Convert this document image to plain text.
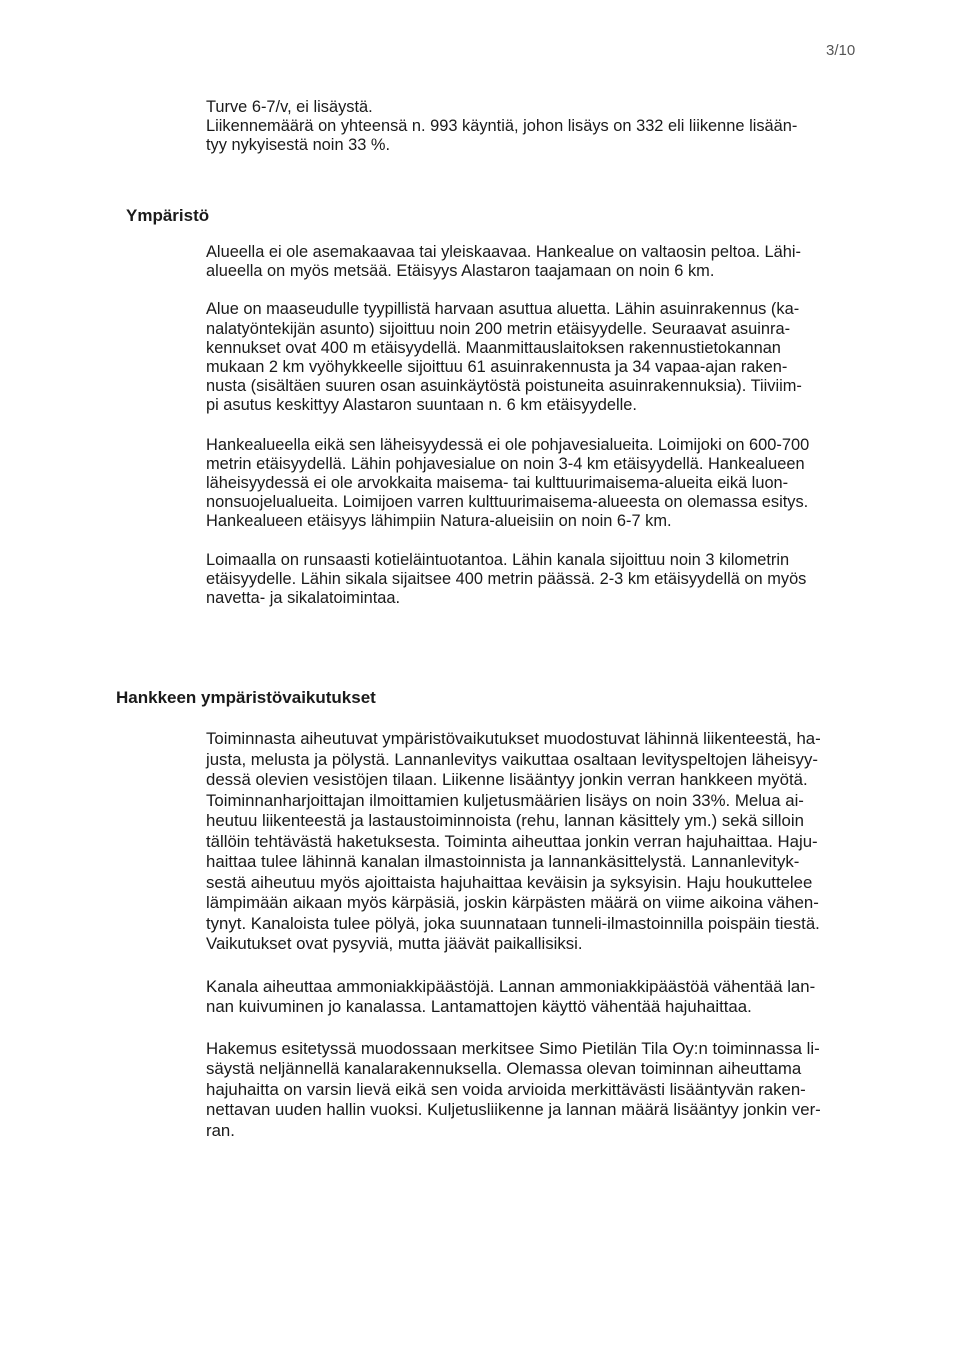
3/10

Turve 6-7/v, ei lisäystä.
Liikennemäärä on yhteensä n. 993 käyntiä, johon lisäys on 332 eli liikenne lisään-
tyy nykyisestä noin 33 %.

Ympäristö

Alueella ei ole asemakaavaa tai yleiskaavaa. Hankealue on valtaosin peltoa. Lähi-
alueella on myös metsää. Etäisyys Alastaron taajamaan on noin 6 km.

Alue on maaseudulle tyypillistä harvaan asuttua aluetta. Lähin asuinrakennus (ka-
nalatyöntekijän asunto) sijoittuu noin 200 metrin etäisyydelle. Seuraavat asuinra-
kennukset ovat 400 m etäisyydellä. Maanmittauslaitoksen rakennustietokannan
mukaan 2 km vyöhykkeelle sijoittuu 61 asuinrakennusta ja 34 vapaa-ajan raken-
nusta (sisältäen suuren osan asuinkäytöstä poistuneita asuinrakennuksia). Tiiviim-
pi asutus keskittyy Alastaron suuntaan n. 6 km etäisyydelle.

Hankealueella eikä sen läheisyydessä ei ole pohjavesialueita. Loimijoki on 600-700
metrin etäisyydellä. Lähin pohjavesialue on noin 3-4 km etäisyydellä. Hankealueen
läheisyydessä ei ole arvokkaita maisema- tai kulttuurimaisema-alueita eikä luon-
nonsuojelualueita. Loimijoen varren kulttuurimaisema-alueesta on olemassa esitys.
Hankealueen etäisyys lähimpiin Natura-alueisiin on noin 6-7 km.

Loimaalla on runsaasti kotieläintuotantoa. Lähin kanala sijoittuu noin 3 kilometrin
etäisyydelle. Lähin sikala sijaitsee 400 metrin päässä. 2-3 km etäisyydellä on myös
navetta- ja sikalatoimintaa.

Hankkeen ympäristövaikutukset

Toiminnasta aiheutuvat ympäristövaikutukset muodostuvat lähinnä liikenteestä, ha-
justa, melusta ja pölystä. Lannanlevitys vaikuttaa osaltaan levityspeltojen läheisyy-
dessä olevien vesistöjen tilaan. Liikenne lisääntyy jonkin verran hankkeen myötä.
Toiminnanharjoittajan ilmoittamien kuljetusmäärien lisäys on noin 33%. Melua ai-
heutuu liikenteestä ja lastaustoiminnoista (rehu, lannan käsittely ym.) sekä silloin
tällöin tehtävästä haketuksesta. Toiminta aiheuttaa jonkin verran hajuhaittaa. Haju-
haittaa tulee lähinnä kanalan ilmastoinnista ja lannankäsittelystä. Lannanlevityk-
sestä aiheutuu myös ajoittaista hajuhaittaa keväisin ja syksyisin. Haju houkuttelee
lämpimään aikaan myös kärpäsiä, joskin kärpästen määrä on viime aikoina vähen-
tynyt. Kanaloista tulee pölyä, joka suunnataan tunneli-ilmastoinnilla poispäin tiestä.
Vaikutukset ovat pysyviä, mutta jäävät paikallisiksi.

Kanala aiheuttaa ammoniakkipäästöjä. Lannan ammoniakkipäästöä vähentää lan-
nan kuivuminen jo kanalassa. Lantamattojen käyttö vähentää hajuhaittaa.

Hakemus esitetyssä muodossaan merkitsee Simo Pietilän Tila Oy:n toiminnassa li-
säystä neljännellä kanalarakennuksella. Olemassa olevan toiminnan aiheuttama
hajuhaitta on varsin lievä eikä sen voida arvioida merkittävästi lisääntyvän raken-
nettavan uuden hallin vuoksi. Kuljetusliikenne ja lannan määrä lisääntyy jonkin ver-
ran.
